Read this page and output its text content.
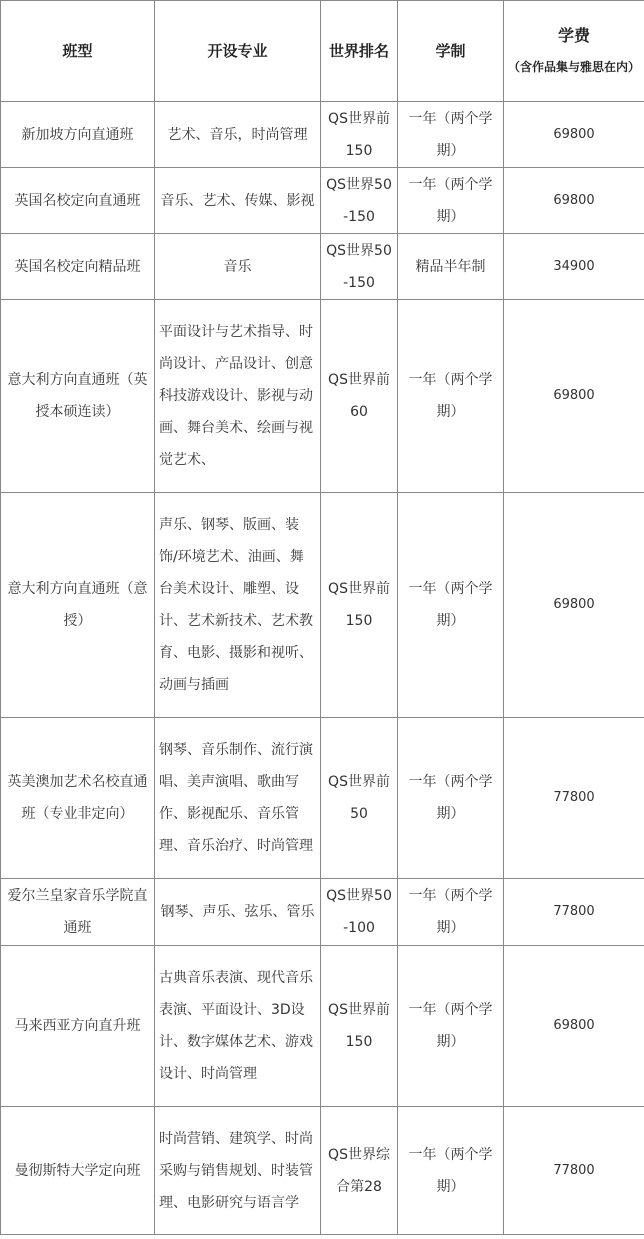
班型	开设专业	世界排名	学制	学费
（含作品集与雅思在内）

新加坡方向直通班	艺术、音乐，时尚管理	QS世界前150	一年（两个学期）	69800
英国名校定向直通班	音乐、艺术、传媒、影视	QS世界50-150	一年（两个学期）	69800
英国名校定向精品班	音乐	QS世界50-150	精品半年制	34900
意大利方向直通班（英授本硕连读）	平面设计与艺术指导、时尚设计、产品设计、创意科技游戏设计、影视与动画、舞台美术、绘画与视觉艺术、	QS世界前60	一年（两个学期）	69800
意大利方向直通班（意授）	声乐、钢琴、版画、装饰/环境艺术、油画、舞台美术设计、雕塑、设计、艺术新技术、艺术教育、电影、摄影和视听、动画与插画	QS世界前150	一年（两个学期）	69800
英美澳加艺术名校直通班（专业非定向）	钢琴、音乐制作、流行演唱、美声演唱、歌曲写作、影视配乐、音乐管理、音乐治疗、时尚管理	QS世界前50	一年（两个学期）	77800
爱尔兰皇家音乐学院直通班	钢琴、声乐、弦乐、管乐	QS世界50-100	一年（两个学期）	77800
马来西亚方向直升班	古典音乐表演、现代音乐表演、平面设计、3D设计、数字媒体艺术、游戏设计、时尚管理	QS世界前150	一年（两个学期）	69800
曼彻斯特大学定向班	时尚营销、建筑学、时尚采购与销售规划、时装管理、电影研究与语言学	QS世界综合第28	一年（两个学期）	77800
